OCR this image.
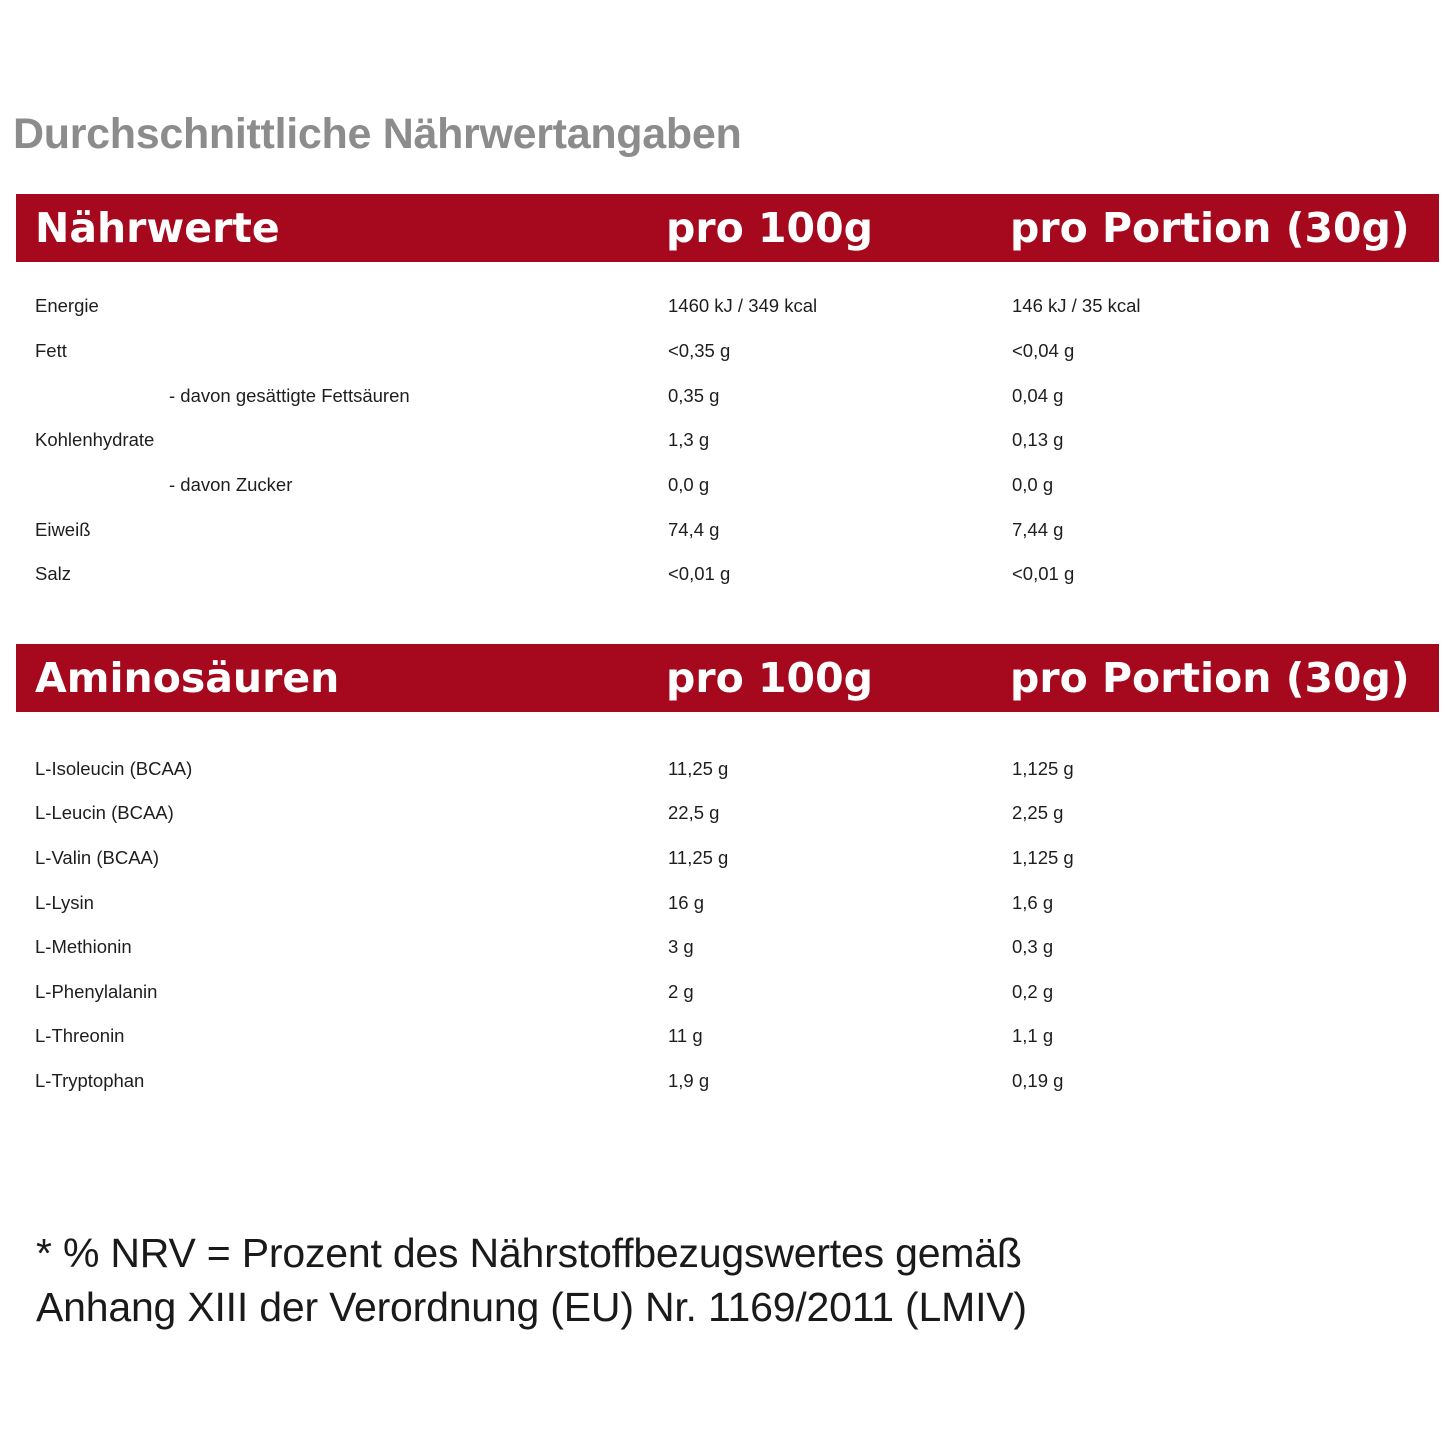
Durchschnittliche Nährwertangaben
Nährwerte	pro 100g	pro Portion (30g)
Energie	1460 kJ / 349 kcal	146 kJ / 35 kcal
Fett	<0,35 g	<0,04 g
- davon gesättigte Fettsäuren	0,35 g	0,04 g
Kohlenhydrate	1,3 g	0,13 g
- davon Zucker	0,0 g	0,0 g
Eiweiß	74,4 g	7,44 g
Salz	<0,01 g	<0,01 g
Aminosäuren	pro 100g	pro Portion (30g)
L-Isoleucin (BCAA)	11,25 g	1,125 g
L-Leucin (BCAA)	22,5 g	2,25 g
L-Valin (BCAA)	11,25 g	1,125 g
L-Lysin	16 g	1,6 g
L-Methionin	3 g	0,3 g
L-Phenylalanin	2 g	0,2 g
L-Threonin	11 g	1,1 g
L-Tryptophan	1,9 g	0,19 g
* % NRV = Prozent des Nährstoffbezugswertes gemäß
Anhang XIII der Verordnung (EU) Nr. 1169/2011 (LMIV)
